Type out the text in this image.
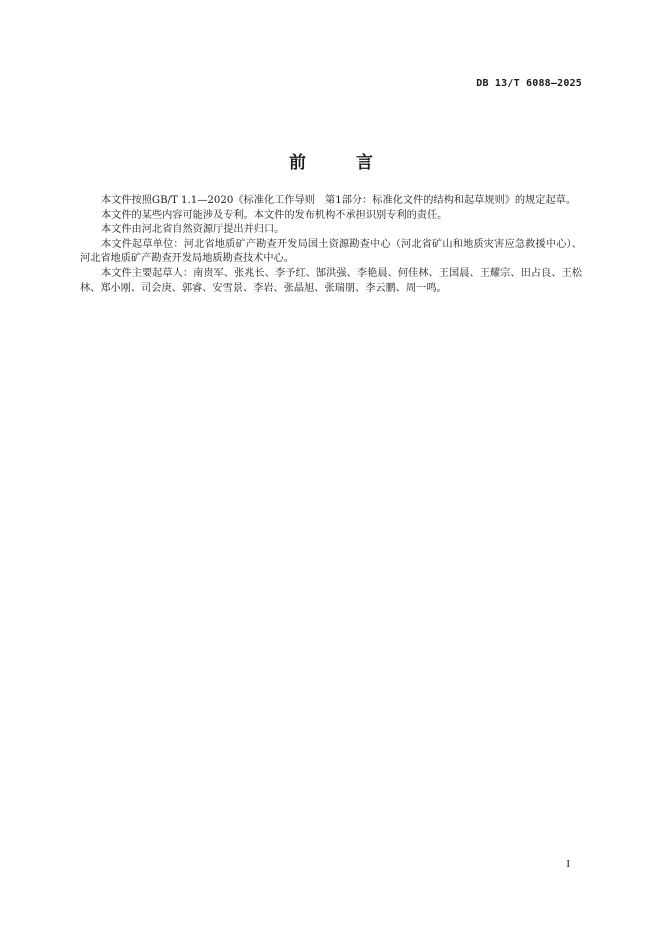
DB 13/T 6088—2025
前 言

本文件按照GB/T 1.1—2020《标准化工作导则　第1部分：标准化文件的结构和起草规则》的规定起草。

本文件的某些内容可能涉及专利。本文件的发布机构不承担识别专利的责任。

本文件由河北省自然资源厅提出并归口。

本文件起草单位：河北省地质矿产勘查开发局国土资源勘查中心（河北省矿山和地质灾害应急救援中心）、河北省地质矿产勘查开发局地质勘查技术中心。

本文件主要起草人：南贵军、张兆长、李予红、郜洪强、李艳晨、何佳林、王国晨、王耀宗、田占良、王松林、郑小刚、司会庚、郭睿、安雪景、李岩、张晶旭、张瑞朋、李云鹏、周一鸣。

I
